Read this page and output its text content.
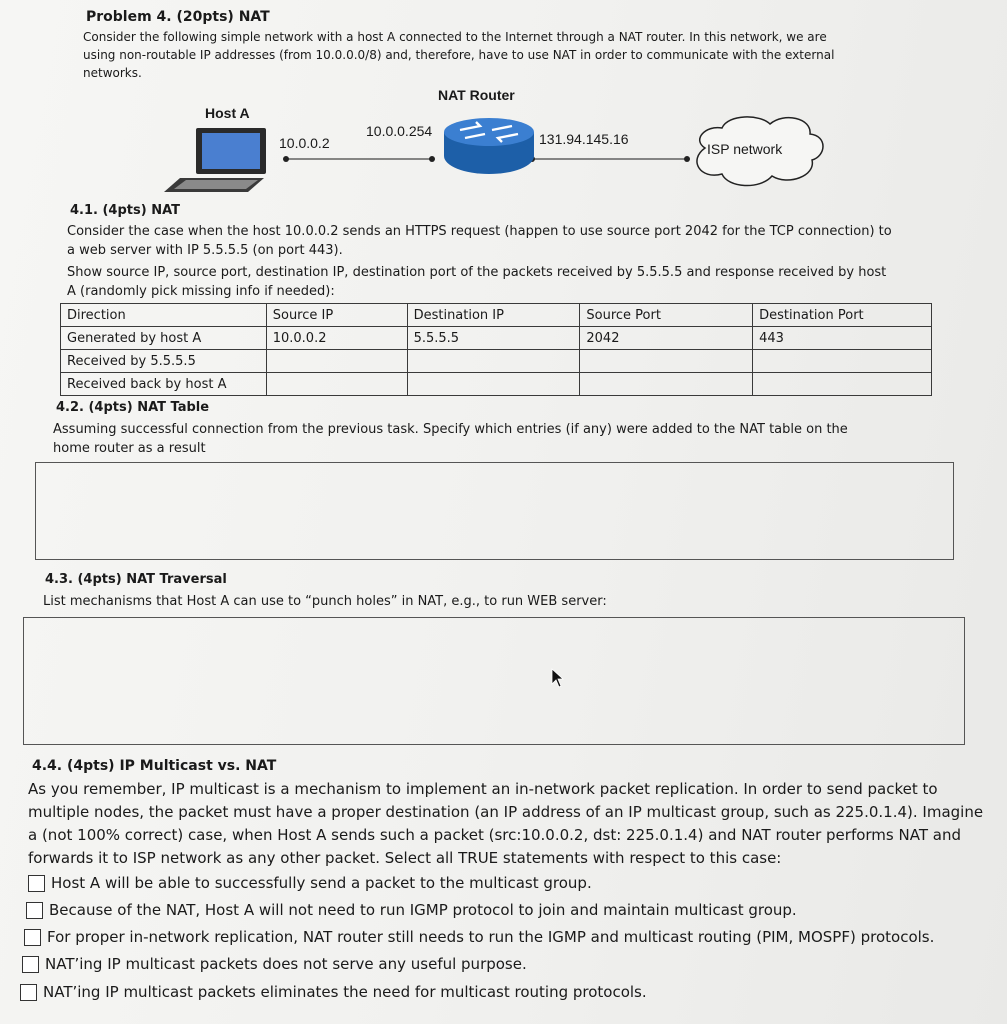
Problem 4. (20pts) NAT
Consider the following simple network with a host A connected to the Internet through a NAT router. In this network, we are
using non-routable IP addresses (from 10.0.0.0/8) and, therefore, have to use NAT in order to communicate with the external
networks.
NAT Router
Host A
10.0.0.2
10.0.0.254	131.94.145.16
ISP network
4.1. (4pts) NAT
Consider the case when the host 10.0.0.2 sends an HTTPS request (happen to use source port 2042 for the TCP connection) to
a web server with IP 5.5.5.5 (on port 443).
Show source IP, source port, destination IP, destination port of the packets received by 5.5.5.5 and response received by host
A (randomly pick missing info if needed):
Direction	Source IP	Destination IP	Source Port	Destination Port
Generated by host A	10.0.0.2	5.5.5.5	2042	443
Received by 5.5.5.5				
Received back by host A				
4.2. (4pts) NAT Table
Assuming successful connection from the previous task. Specify which entries (if any) were added to the NAT table on the
home router as a result
4.3. (4pts) NAT Traversal
List mechanisms that Host A can use to “punch holes” in NAT, e.g., to run WEB server:
4.4. (4pts) IP Multicast vs. NAT
As you remember, IP multicast is a mechanism to implement an in-network packet replication. In order to send packet to
multiple nodes, the packet must have a proper destination (an IP address of an IP multicast group, such as 225.0.1.4). Imagine
a (not 100% correct) case, when Host A sends such a packet (src:10.0.0.2, dst: 225.0.1.4) and NAT router performs NAT and
forwards it to ISP network as any other packet. Select all TRUE statements with respect to this case:
Host A will be able to successfully send a packet to the multicast group.
Because of the NAT, Host A will not need to run IGMP protocol to join and maintain multicast group.
For proper in-network replication, NAT router still needs to run the IGMP and multicast routing (PIM, MOSPF) protocols.
NAT’ing IP multicast packets does not serve any useful purpose.
NAT’ing IP multicast packets eliminates the need for multicast routing protocols.
